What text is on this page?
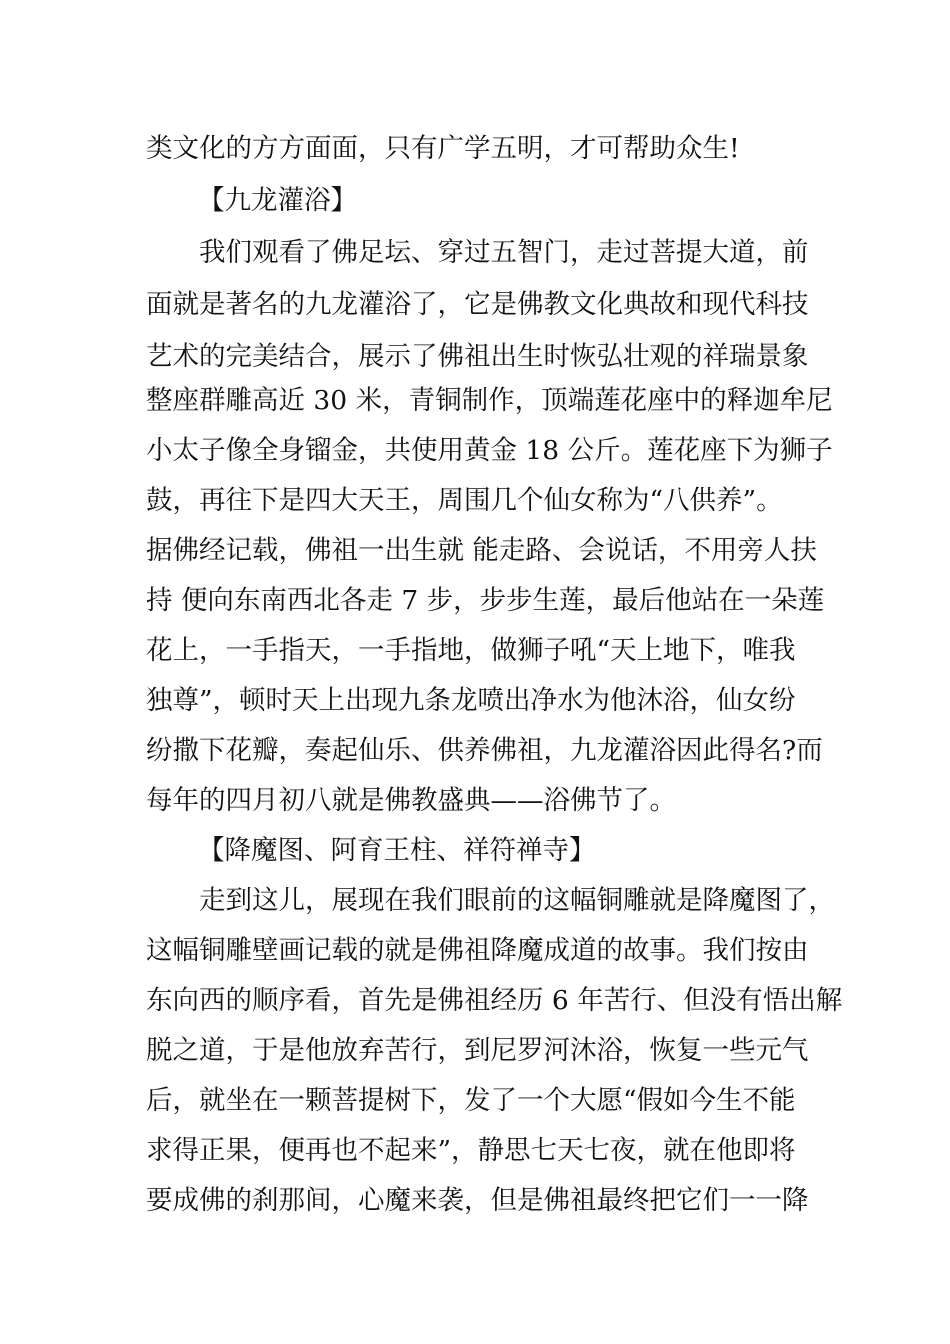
类文化的方方面面，只有广学五明，才可帮助众生!
【九龙灌浴】
我们观看了佛足坛、穿过五智门，走过菩提大道，前
面就是著名的九龙灌浴了，它是佛教文化典故和现代科技
艺术的完美结合，展示了佛祖出生时恢弘壮观的祥瑞景象
整座群雕高近 30 米，青铜制作，顶端莲花座中的释迦牟尼
小太子像全身镏金，共使用黄金 18 公斤。莲花座下为狮子
鼓，再往下是四大天王，周围几个仙女称为“八供养”。
据佛经记载，佛祖一出生就 能走路、会说话，不用旁人扶
持 便向东南西北各走 7 步，步步生莲，最后他站在一朵莲
花上，一手指天，一手指地，做狮子吼“天上地下，唯我
独尊”，顿时天上出现九条龙喷出净水为他沐浴，仙女纷
纷撒下花瓣，奏起仙乐、供养佛祖，九龙灌浴因此得名?而
每年的四月初八就是佛教盛典——浴佛节了。
【降魔图、阿育王柱、祥符禅寺】
走到这儿，展现在我们眼前的这幅铜雕就是降魔图了，
这幅铜雕壁画记载的就是佛祖降魔成道的故事。我们按由
东向西的顺序看，首先是佛祖经历 6 年苦行、但没有悟出解
脱之道，于是他放弃苦行，到尼罗河沐浴，恢复一些元气
后，就坐在一颗菩提树下，发了一个大愿“假如今生不能
求得正果，便再也不起来”，静思七天七夜，就在他即将
要成佛的刹那间，心魔来袭，但是佛祖最终把它们一一降
